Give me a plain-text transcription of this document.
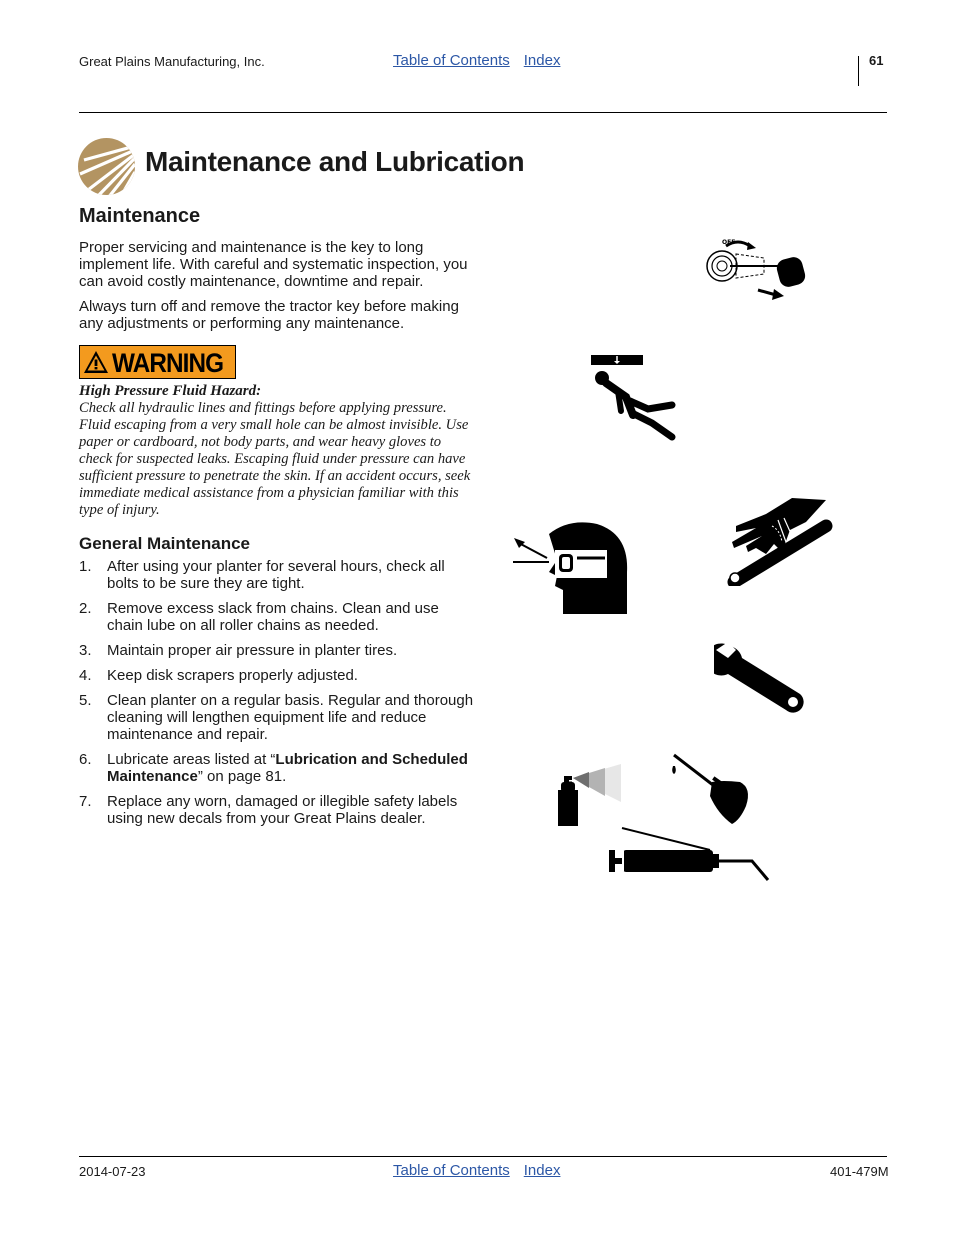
Great Plains Manufacturing, Inc.	Table of Contents Index	61
Maintenance and Lubrication
Maintenance

Proper servicing and maintenance is the key to long implement life. With careful and systematic inspection, you can avoid costly maintenance, downtime and repair.

Always turn off and remove the tractor key before making any adjustments or performing any maintenance.

WARNING

High Pressure Fluid Hazard:

Check all hydraulic lines and fittings before applying pressure. Fluid escaping from a very small hole can be almost invisible. Use paper or cardboard, not body parts, and wear heavy gloves to check for suspected leaks. Escaping fluid under pressure can have sufficient pressure to penetrate the skin. If an accident occurs, seek immediate medical assistance from a physician familiar with this type of injury.

General Maintenance
1.	After using your planter for several hours, check all bolts to be sure they are tight.
2.	Remove excess slack from chains. Clean and use chain lube on all roller chains as needed.
3.	Maintain proper air pressure in planter tires.
4.	Keep disk scrapers properly adjusted.
5.	Clean planter on a regular basis. Regular and thorough cleaning will lengthen equipment life and reduce maintenance and repair.
6.	Lubricate areas listed at “Lubrication and Scheduled Maintenance” on page 81.
7.	Replace any worn, damaged or illegible safety labels using new decals from your Great Plains dealer.
OFF
2014-07-23	Table of Contents Index	401-479M
